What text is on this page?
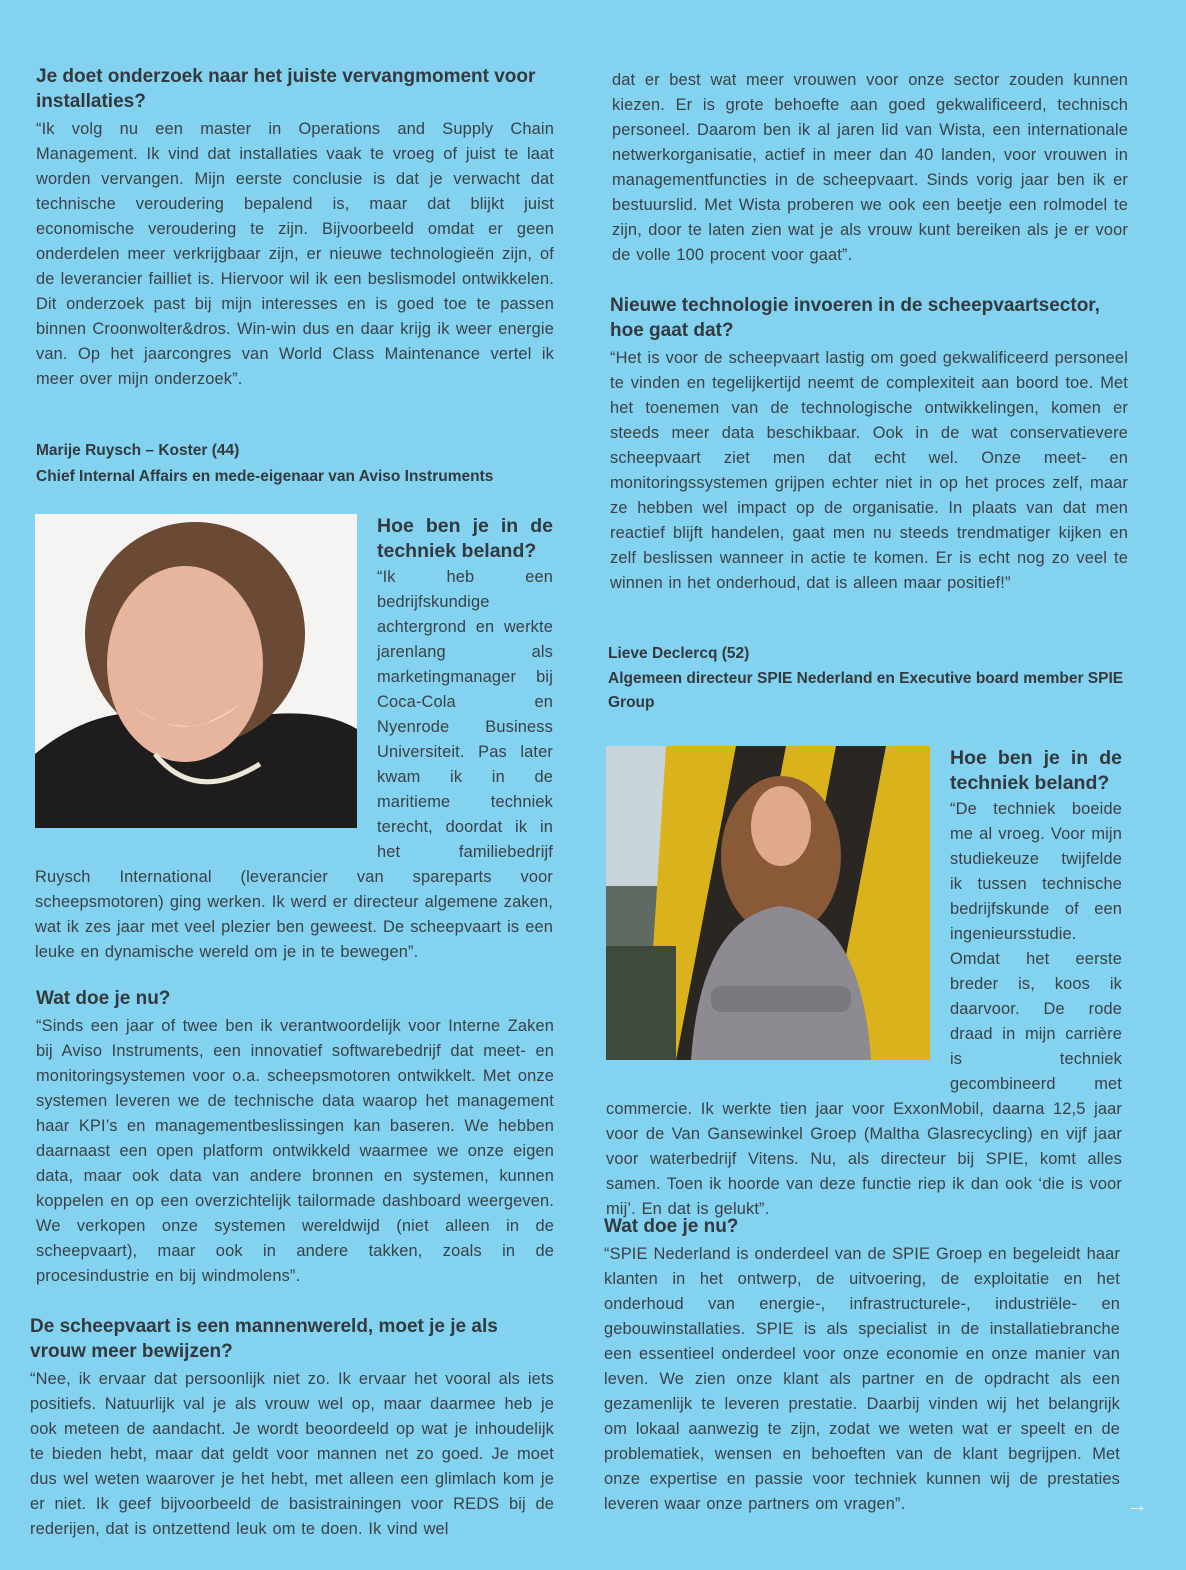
Je doet onderzoek naar het juiste vervangmoment voor installaties?

“Ik volg nu een master in Operations and Supply Chain Management. Ik vind dat installaties vaak te vroeg of juist te laat worden vervangen. Mijn eerste conclusie is dat je verwacht dat technische veroudering bepalend is, maar dat blijkt juist economische veroudering te zijn. Bijvoorbeeld omdat er geen onderdelen meer verkrijgbaar zijn, er nieuwe technologieën zijn, of de leverancier failliet is. Hiervoor wil ik een beslismodel ontwikkelen. Dit onderzoek past bij mijn interesses en is goed toe te passen binnen Croonwolter&dros. Win-win dus en daar krijg ik weer energie van. Op het jaarcongres van World Class Maintenance vertel ik meer over mijn onderzoek”.

Marije Ruysch – Koster (44)

Chief Internal Affairs en mede-eigenaar van Aviso Instruments

Hoe ben je in de techniek beland?

“Ik heb een bedrijfskundige achtergrond en werkte jarenlang als marketingmanager bij Coca-Cola en Nyenrode Business Universiteit. Pas later kwam ik in de maritieme techniek terecht, doordat ik in het familiebedrijf Ruysch International (leverancier van spareparts voor scheepsmotoren) ging werken. Ik werd er directeur algemene zaken, wat ik zes jaar met veel plezier ben geweest. De scheepvaart is een leuke en dynamische wereld om je in te bewegen”.

Wat doe je nu?

“Sinds een jaar of twee ben ik verantwoordelijk voor Interne Zaken bij Aviso Instruments, een innovatief softwarebedrijf dat meet- en monitoringsystemen voor o.a. scheepsmotoren ontwikkelt. Met onze systemen leveren we de technische data waarop het management haar KPI’s en managementbeslissingen kan baseren. We hebben daarnaast een open platform ontwikkeld waarmee we onze eigen data, maar ook data van andere bronnen en systemen, kunnen koppelen en op een overzichtelijk tailormade dashboard weergeven. We verkopen onze systemen wereldwijd (niet alleen in de scheepvaart), maar ook in andere takken, zoals in de procesindustrie en bij windmolens”.

De scheepvaart is een mannenwereld, moet je je als vrouw meer bewijzen?

“Nee, ik ervaar dat persoonlijk niet zo. Ik ervaar het vooral als iets positiefs. Natuurlijk val je als vrouw wel op, maar daarmee heb je ook meteen de aandacht. Je wordt beoordeeld op wat je inhoudelijk te bieden hebt, maar dat geldt voor mannen net zo goed. Je moet dus wel weten waarover je het hebt, met alleen een glimlach kom je er niet. Ik geef bijvoorbeeld de basistrainingen voor REDS bij de rederijen, dat is ontzettend leuk om te doen. Ik vind wel

dat er best wat meer vrouwen voor onze sector zouden kunnen kiezen. Er is grote behoefte aan goed gekwalificeerd, technisch personeel. Daarom ben ik al jaren lid van Wista, een internationale netwerkorganisatie, actief in meer dan 40 landen, voor vrouwen in managementfuncties in de scheepvaart. Sinds vorig jaar ben ik er bestuurslid. Met Wista proberen we ook een beetje een rolmodel te zijn, door te laten zien wat je als vrouw kunt bereiken als je er voor de volle 100 procent voor gaat”.

Nieuwe technologie invoeren in de scheepvaartsector, hoe gaat dat?

“Het is voor de scheepvaart lastig om goed gekwalificeerd personeel te vinden en tegelijkertijd neemt de complexiteit aan boord toe. Met het toenemen van de technologische ontwikkelingen, komen er steeds meer data beschikbaar. Ook in de wat conservatievere scheepvaart ziet men dat echt wel. Onze meet- en monitoringssystemen grijpen echter niet in op het proces zelf, maar ze hebben wel impact op de organisatie. In plaats van dat men reactief blijft handelen, gaat men nu steeds trendmatiger kijken en zelf beslissen wanneer in actie te komen. Er is echt nog zo veel te winnen in het onderhoud, dat is alleen maar positief!”

Lieve Declercq (52)

Algemeen directeur SPIE Nederland en Executive board member SPIE Group

Hoe ben je in de techniek beland?

“De techniek boeide me al vroeg. Voor mijn studiekeuze twijfelde ik tussen technische bedrijfskunde of een ingenieursstudie. Omdat het eerste breder is, koos ik daarvoor. De rode draad in mijn carrière is techniek gecombineerd met commercie. Ik werkte tien jaar voor ExxonMobil, daarna 12,5 jaar voor de Van Gansewinkel Groep (Maltha Glasrecycling) en vijf jaar voor waterbedrijf Vitens. Nu, als directeur bij SPIE, komt alles samen. Toen ik hoorde van deze functie riep ik dan ook ‘die is voor mij’. En dat is gelukt”.

Wat doe je nu?

“SPIE Nederland is onderdeel van de SPIE Groep en begeleidt haar klanten in het ontwerp, de uitvoering, de exploitatie en het onderhoud van energie-, infrastructurele-, industriële- en gebouwinstallaties. SPIE is als specialist in de installatiebranche een essentieel onderdeel voor onze economie en onze manier van leven. We zien onze klant als partner en de opdracht als een gezamenlijk te leveren prestatie. Daarbij vinden wij het belangrijk om lokaal aanwezig te zijn, zodat we weten wat er speelt en de problematiek, wensen en behoeften van de klant begrijpen. Met onze expertise en passie voor techniek kunnen wij de prestaties leveren waar onze partners om vragen”.	→
